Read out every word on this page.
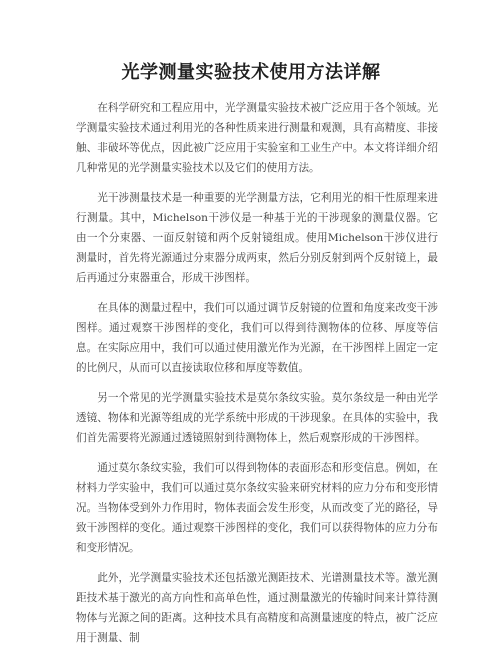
光学测量实验技术使用方法详解

在科学研究和工程应用中，光学测量实验技术被广泛应用于各个领域。光学测量实验技术通过利用光的各种性质来进行测量和观测，具有高精度、非接触、非破坏等优点，因此被广泛应用于实验室和工业生产中。本文将详细介绍几种常见的光学测量实验技术以及它们的使用方法。

光干涉测量技术是一种重要的光学测量方法，它利用光的相干性原理来进行测量。其中，Michelson干涉仪是一种基于光的干涉现象的测量仪器。它由一个分束器、一面反射镜和两个反射镜组成。使用Michelson干涉仪进行测量时，首先将光源通过分束器分成两束，然后分别反射到两个反射镜上，最后再通过分束器重合，形成干涉图样。

在具体的测量过程中，我们可以通过调节反射镜的位置和角度来改变干涉图样。通过观察干涉图样的变化，我们可以得到待测物体的位移、厚度等信息。在实际应用中，我们可以通过使用激光作为光源，在干涉图样上固定一定的比例尺，从而可以直接读取位移和厚度等数值。

另一个常见的光学测量实验技术是莫尔条纹实验。莫尔条纹是一种由光学透镜、物体和光源等组成的光学系统中形成的干涉现象。在具体的实验中，我们首先需要将光源通过透镜照射到待测物体上，然后观察形成的干涉图样。

通过莫尔条纹实验，我们可以得到物体的表面形态和形变信息。例如，在材料力学实验中，我们可以通过莫尔条纹实验来研究材料的应力分布和变形情况。当物体受到外力作用时，物体表面会发生形变，从而改变了光的路径，导致干涉图样的变化。通过观察干涉图样的变化，我们可以获得物体的应力分布和变形情况。

此外，光学测量实验技术还包括激光测距技术、光谱测量技术等。激光测距技术基于激光的高方向性和高单色性，通过测量激光的传输时间来计算待测物体与光源之间的距离。这种技术具有高精度和高测量速度的特点，被广泛应用于测量、制
